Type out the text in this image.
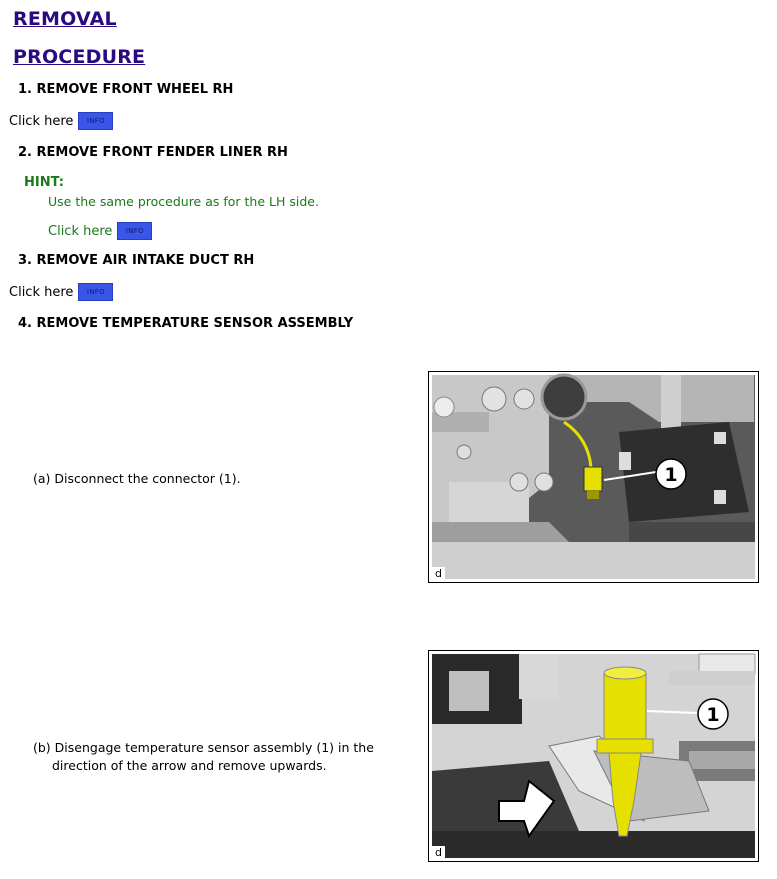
REMOVAL
PROCEDURE

1. REMOVE FRONT WHEEL RH

Click here	INFO

2. REMOVE FRONT FENDER LINER RH

HINT:
Use the same procedure as for the LH side.
Click here	INFO

3. REMOVE AIR INTAKE DUCT RH

Click here	INFO

4. REMOVE TEMPERATURE SENSOR ASSEMBLY

(a) Disconnect the connector (1).	1
d
(b) Disengage temperature sensor assembly (1) in the
direction of the arrow and remove upwards.
1
d
